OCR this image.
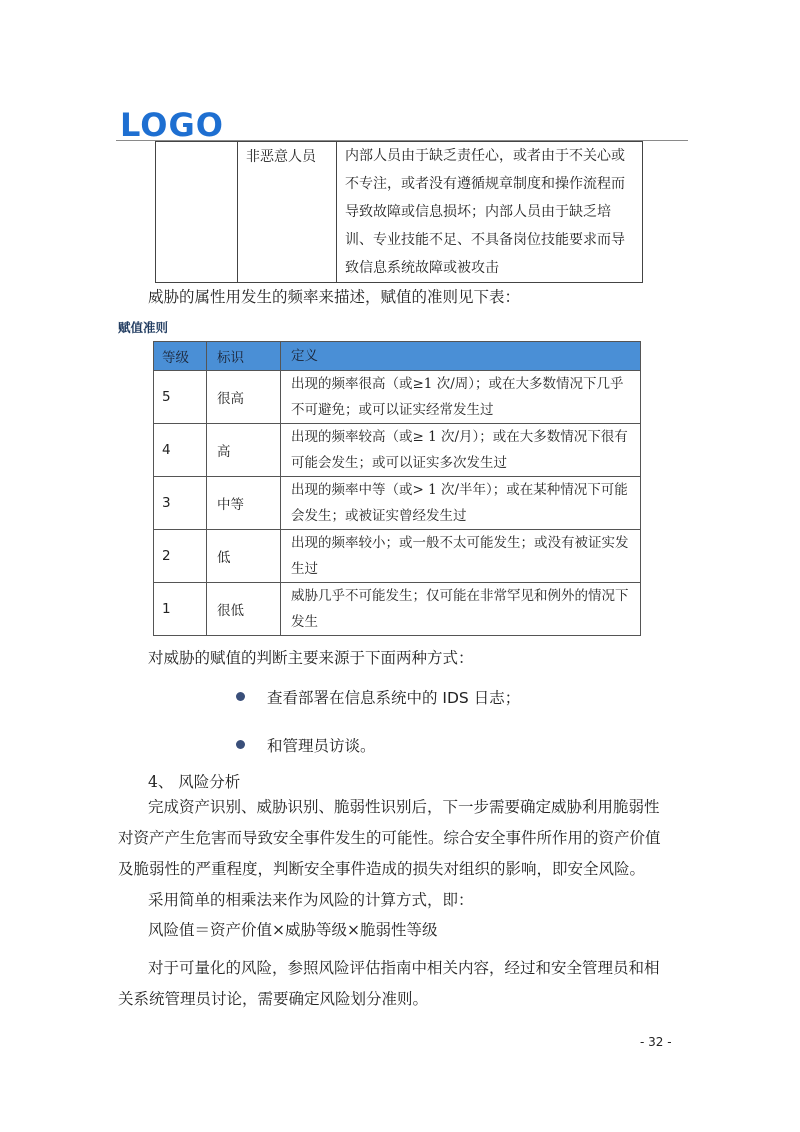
LOGO
	非恶意人员	内部人员由于缺乏责任心，或者由于不关心或不专注，或者没有遵循规章制度和操作流程而导致故障或信息损坏；内部人员由于缺乏培训、专业技能不足、不具备岗位技能要求而导致信息系统故障或被攻击
威胁的属性用发生的频率来描述，赋值的准则见下表：
赋值准则
等级	标识	定义
5	很高	出现的频率很高（或≥1 次/周）；或在大多数情况下几乎不可避免；或可以证实经常发生过
4	高	出现的频率较高（或≥ 1 次/月）；或在大多数情况下很有可能会发生；或可以证实多次发生过
3	中等	出现的频率中等（或> 1 次/半年）；或在某种情况下可能会发生；或被证实曾经发生过
2	低	出现的频率较小；或一般不太可能发生；或没有被证实发生过
1	很低	威胁几乎不可能发生；仅可能在非常罕见和例外的情况下发生
对威胁的赋值的判断主要来源于下面两种方式：
查看部署在信息系统中的 IDS 日志；
和管理员访谈。
4、 风险分析
完成资产识别、威胁识别、脆弱性识别后，下一步需要确定威胁利用脆弱性
对资产产生危害而导致安全事件发生的可能性。综合安全事件所作用的资产价值
及脆弱性的严重程度，判断安全事件造成的损失对组织的影响，即安全风险。
采用简单的相乘法来作为风险的计算方式，即：
风险值＝资产价值×威胁等级×脆弱性等级
对于可量化的风险，参照风险评估指南中相关内容，经过和安全管理员和相
关系统管理员讨论，需要确定风险划分准则。
- 32 -
